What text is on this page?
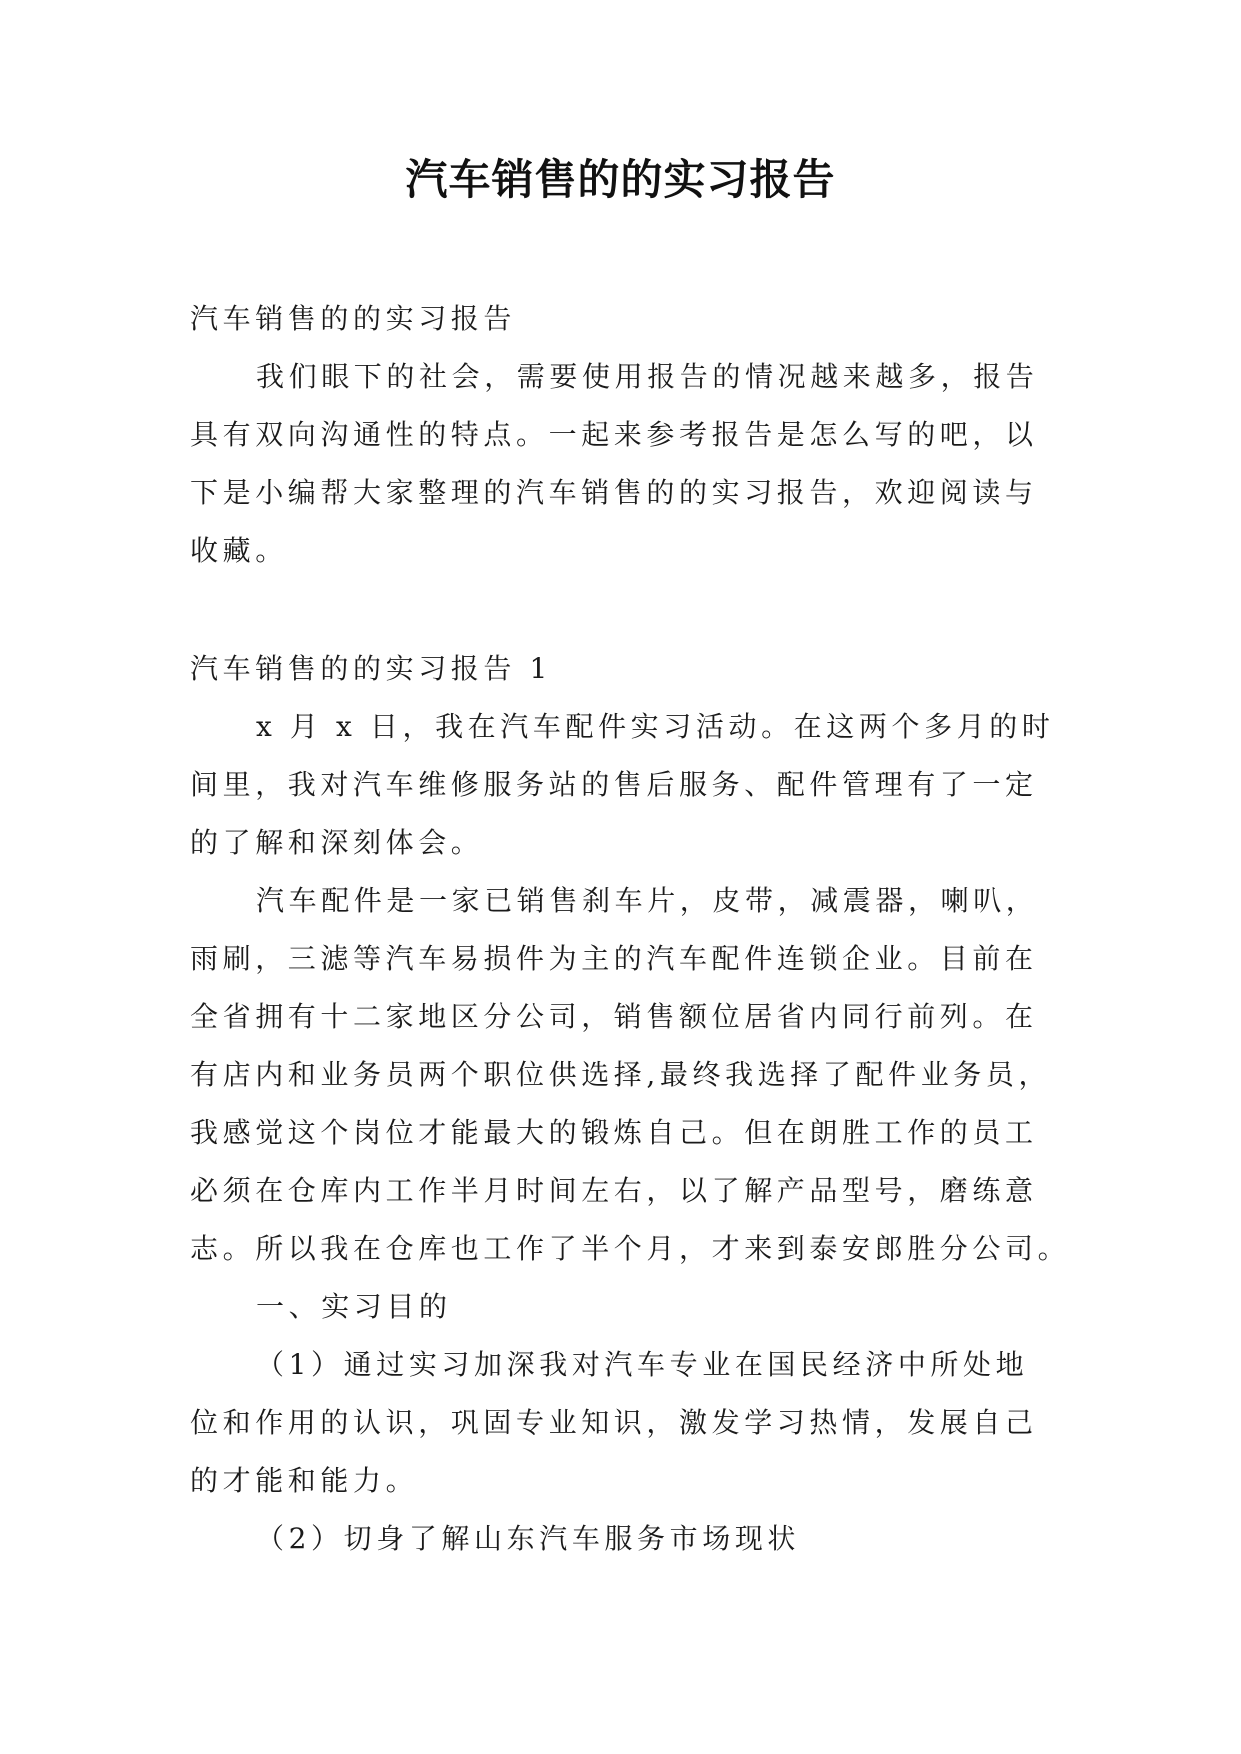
汽车销售的的实习报告
汽车销售的的实习报告
我们眼下的社会，需要使用报告的情况越来越多，报告
具有双向沟通性的特点。一起来参考报告是怎么写的吧，以
下是小编帮大家整理的汽车销售的的实习报告，欢迎阅读与
收藏。
汽车销售的的实习报告 1
x 月 x 日，我在汽车配件实习活动。在这两个多月的时
间里，我对汽车维修服务站的售后服务、配件管理有了一定
的了解和深刻体会。
汽车配件是一家已销售刹车片，皮带，减震器，喇叭，
雨刷，三滤等汽车易损件为主的汽车配件连锁企业。目前在
全省拥有十二家地区分公司，销售额位居省内同行前列。在
有店内和业务员两个职位供选择,最终我选择了配件业务员，
我感觉这个岗位才能最大的锻炼自己。但在朗胜工作的员工
必须在仓库内工作半月时间左右，以了解产品型号，磨练意
志。所以我在仓库也工作了半个月，才来到泰安郎胜分公司。
一、实习目的
（1）通过实习加深我对汽车专业在国民经济中所处地
位和作用的认识，巩固专业知识，激发学习热情，发展自己
的才能和能力。
（2）切身了解山东汽车服务市场现状
